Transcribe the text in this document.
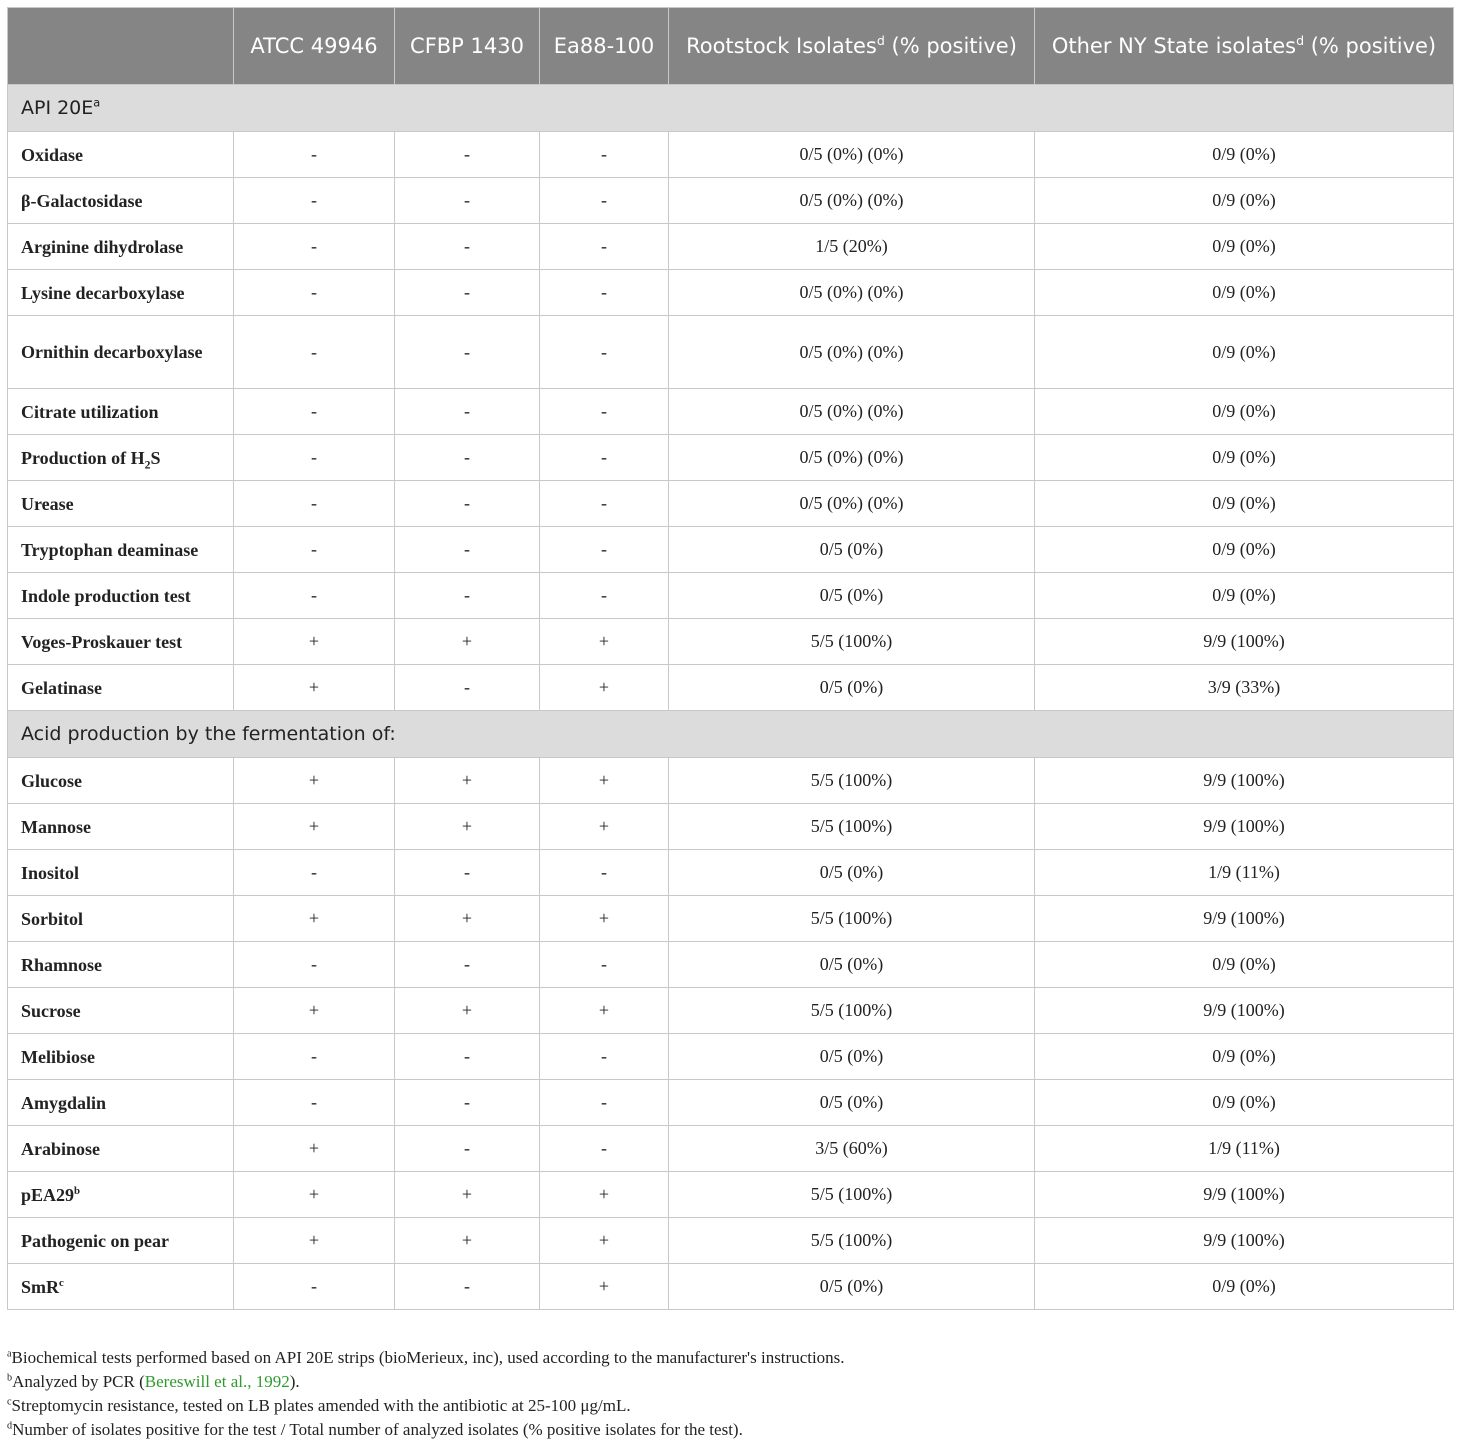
	ATCC 49946	CFBP 1430	Ea88-100	Rootstock Isolates$^d$ (% positive)	Other NY State isolates$^d$ (% positive)
API $20E^a$
Oxidase	-	-	-	0/5 (0%) (0%)	0/9 (0%)
β-Galactosidase	-	-	-	0/5 (0%) (0%)	0/9 (0%)
Arginine dihydrolase	-	-	-	1/5 (20%)	0/9 (0%)
Lysine decarboxylase	-	-	-	0/5 (0%) (0%)	0/9 (0%)
Ornithin decarboxylase	-	-	-	0/5 (0%) (0%)	0/9 (0%)
Citrate utilization	-	-	-	0/5 (0%) (0%)	0/9 (0%)
Production of $H_2S$	-	-	-	0/5 (0%) (0%)	0/9 (0%)
Urease	-	-	-	0/5 (0%) (0%)	0/9 (0%)
Tryptophan deaminase	-	-	-	0/5 (0%)	0/9 (0%)
Indole production test	-	-	-	0/5 (0%)	0/9 (0%)
Voges-Proskauer test	+	+	+	5/5 (100%)	9/9 (100%)
Gelatinase	+	-	+	0/5 (0%)	3/9 (33%)
Acid production by the fermentation of:					
Glucose	+	+	+	5/5 (100%)	9/9 (100%)
Mannose	+	+	+	5/5 (100%)	9/9 (100%)
Inositol	-	-	-	0/5 (0%)	1/9 (11%)
Sorbitol	+	+	+	5/5 (100%)	9/9 (100%)
Rhamnose	-	-	-	0/5 (0%)	0/9 (0%)
Sucrose	+	+	+	5/5 (100%)	9/9 (100%)
Melibiose	-	-	-	0/5 (0%)	0/9 (0%)
Amygdalin	-	-	-	0/5 (0%)	0/9 (0%)
Arabinose	+	-	-	3/5 (60%)	1/9 (11%)
$pEA29^b$	+	+	+	5/5 (100%)	9/9 (100%)
Pathogenic on pear	+	+	+	5/5 (100%)	9/9 (100%)
SmR$^c$	-	-	+	0/5 (0%)	0/9 (0%)
$^a$Biochemical tests performed based on API 20E strips (bioMerieux, inc), used according to the manufacturer's instructions.
$^b$Analyzed by PCR (Bereswill et al., 1992).
$^c$Streptomycin resistance, tested on LB plates amended with the antibiotic at 25-100 μg/mL.
$^d$Number of isolates positive for the test / Total number of analyzed isolates (% positive isolates for the test).
